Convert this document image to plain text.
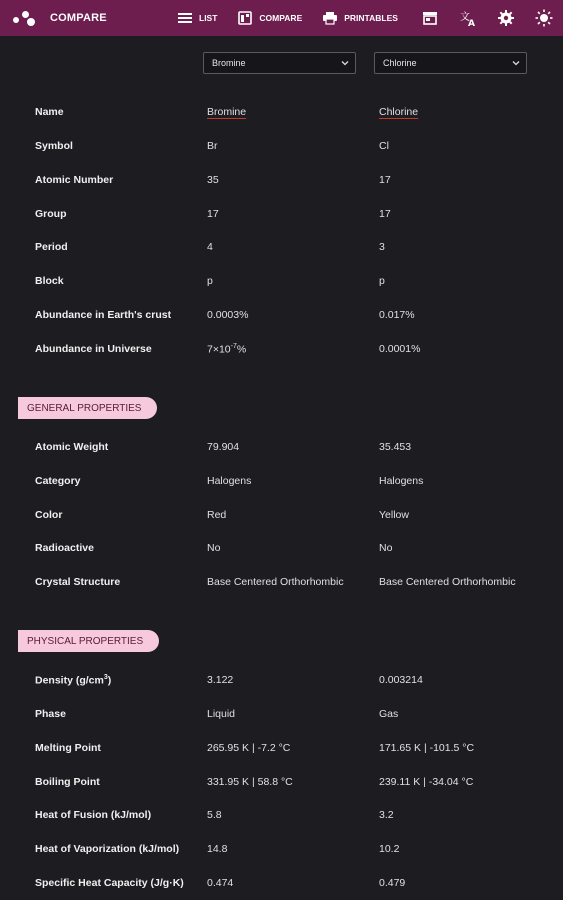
COMPARE	LIST	COMPARE	PRINTABLES	文
A
Bromine	Chlorine
Name	Bromine	Chlorine
Symbol	Br	Cl
Atomic Number	35	17
Group	17	17
Period	4	3
Block	p	p
Abundance in Earth's crust	0.0003%	0.017%
Abundance in Universe	$7\times 10^{-7}\%$	0.0001%
GENERAL PROPERTIES
Atomic Weight	79.904	35.453
Category	Halogens	Halogens
Color	Red	Yellow
Radioactive	No	No
Crystal Structure	Base Centered Orthorhombic	Base Centered Orthorhombic
PHYSICAL PROPERTIES
Density $(g/cm^3)$	3.122	0.003214
Phase	Liquid	Gas
Melting Point	265.95 K | -7.2 °C	171.65 K | -101.5 °C
Boiling Point	331.95 K | 58.8 °C	239.11 K | -34.04 °C
Heat of Fusion (kJ/mol)	5.8	3.2
Heat of Vaporization (kJ/mol)	14.8	10.2
Specific Heat Capacity (J/g·K) 0.474	0.479
